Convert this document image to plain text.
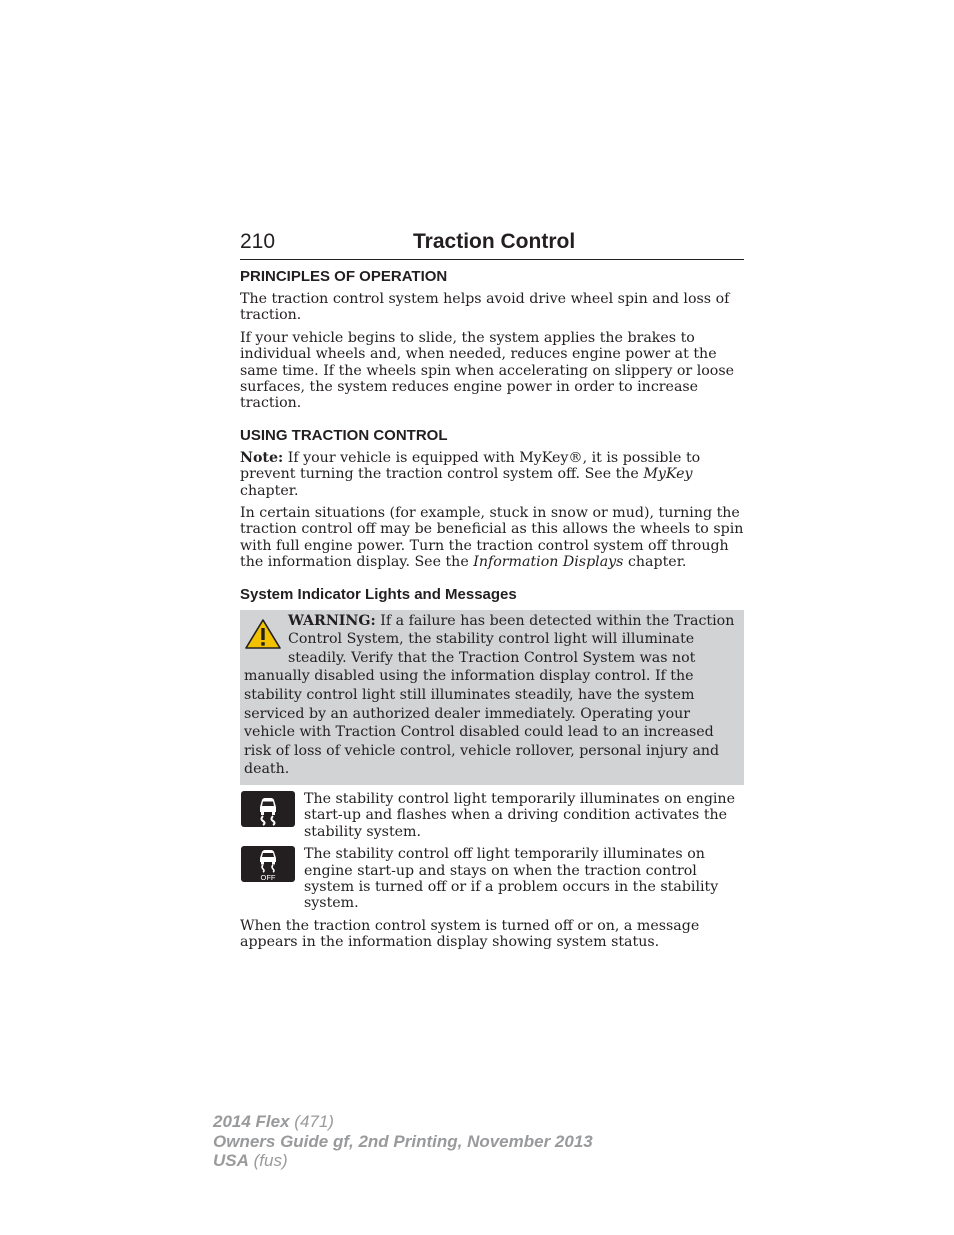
210	Traction Control
PRINCIPLES OF OPERATION

The traction control system helps avoid drive wheel spin and loss of traction.

If your vehicle begins to slide, the system applies the brakes to individual wheels and, when needed, reduces engine power at the same time. If the wheels spin when accelerating on slippery or loose surfaces, the system reduces engine power in order to increase traction.

USING TRACTION CONTROL

Note: If your vehicle is equipped with MyKey®, it is possible to prevent turning the traction control system off. See the MyKey chapter.

In certain situations (for example, stuck in snow or mud), turning the traction control off may be beneficial as this allows the wheels to spin with full engine power. Turn the traction control system off through the information display. See the Information Displays chapter.

System Indicator Lights and Messages
WARNING: If a failure has been detected within the Traction Control System, the stability control light will illuminate steadily. Verify that the Traction Control System was not manually disabled using the information display control. If the stability control light still illuminates steadily, have the system serviced by an authorized dealer immediately. Operating your vehicle with Traction Control disabled could lead to an increased risk of loss of vehicle control, vehicle rollover, personal injury and death.
The stability control light temporarily illuminates on engine start-up and flashes when a driving condition activates the stability system.
OFF
The stability control off light temporarily illuminates on engine start-up and stays on when the traction control system is turned off or if a problem occurs in the stability system.

When the traction control system is turned off or on, a message appears in the information display showing system status.

2014 Flex (471)
Owners Guide gf, 2nd Printing, November 2013
USA (fus)
